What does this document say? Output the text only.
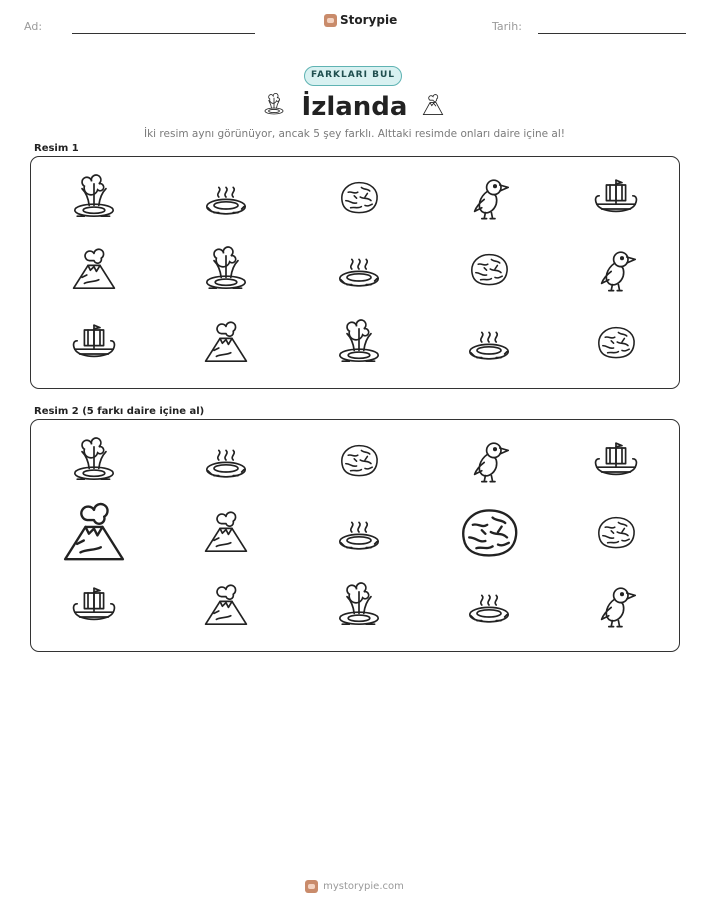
Ad:	Storypie	Tarih:
FARKLARI BUL
İzlanda
İki resim aynı görünüyor, ancak 5 şey farklı. Alttaki resimde onları daire içine al!
Resim 1
Resim 2 (5 farkı daire içine al)
mystorypie.com
